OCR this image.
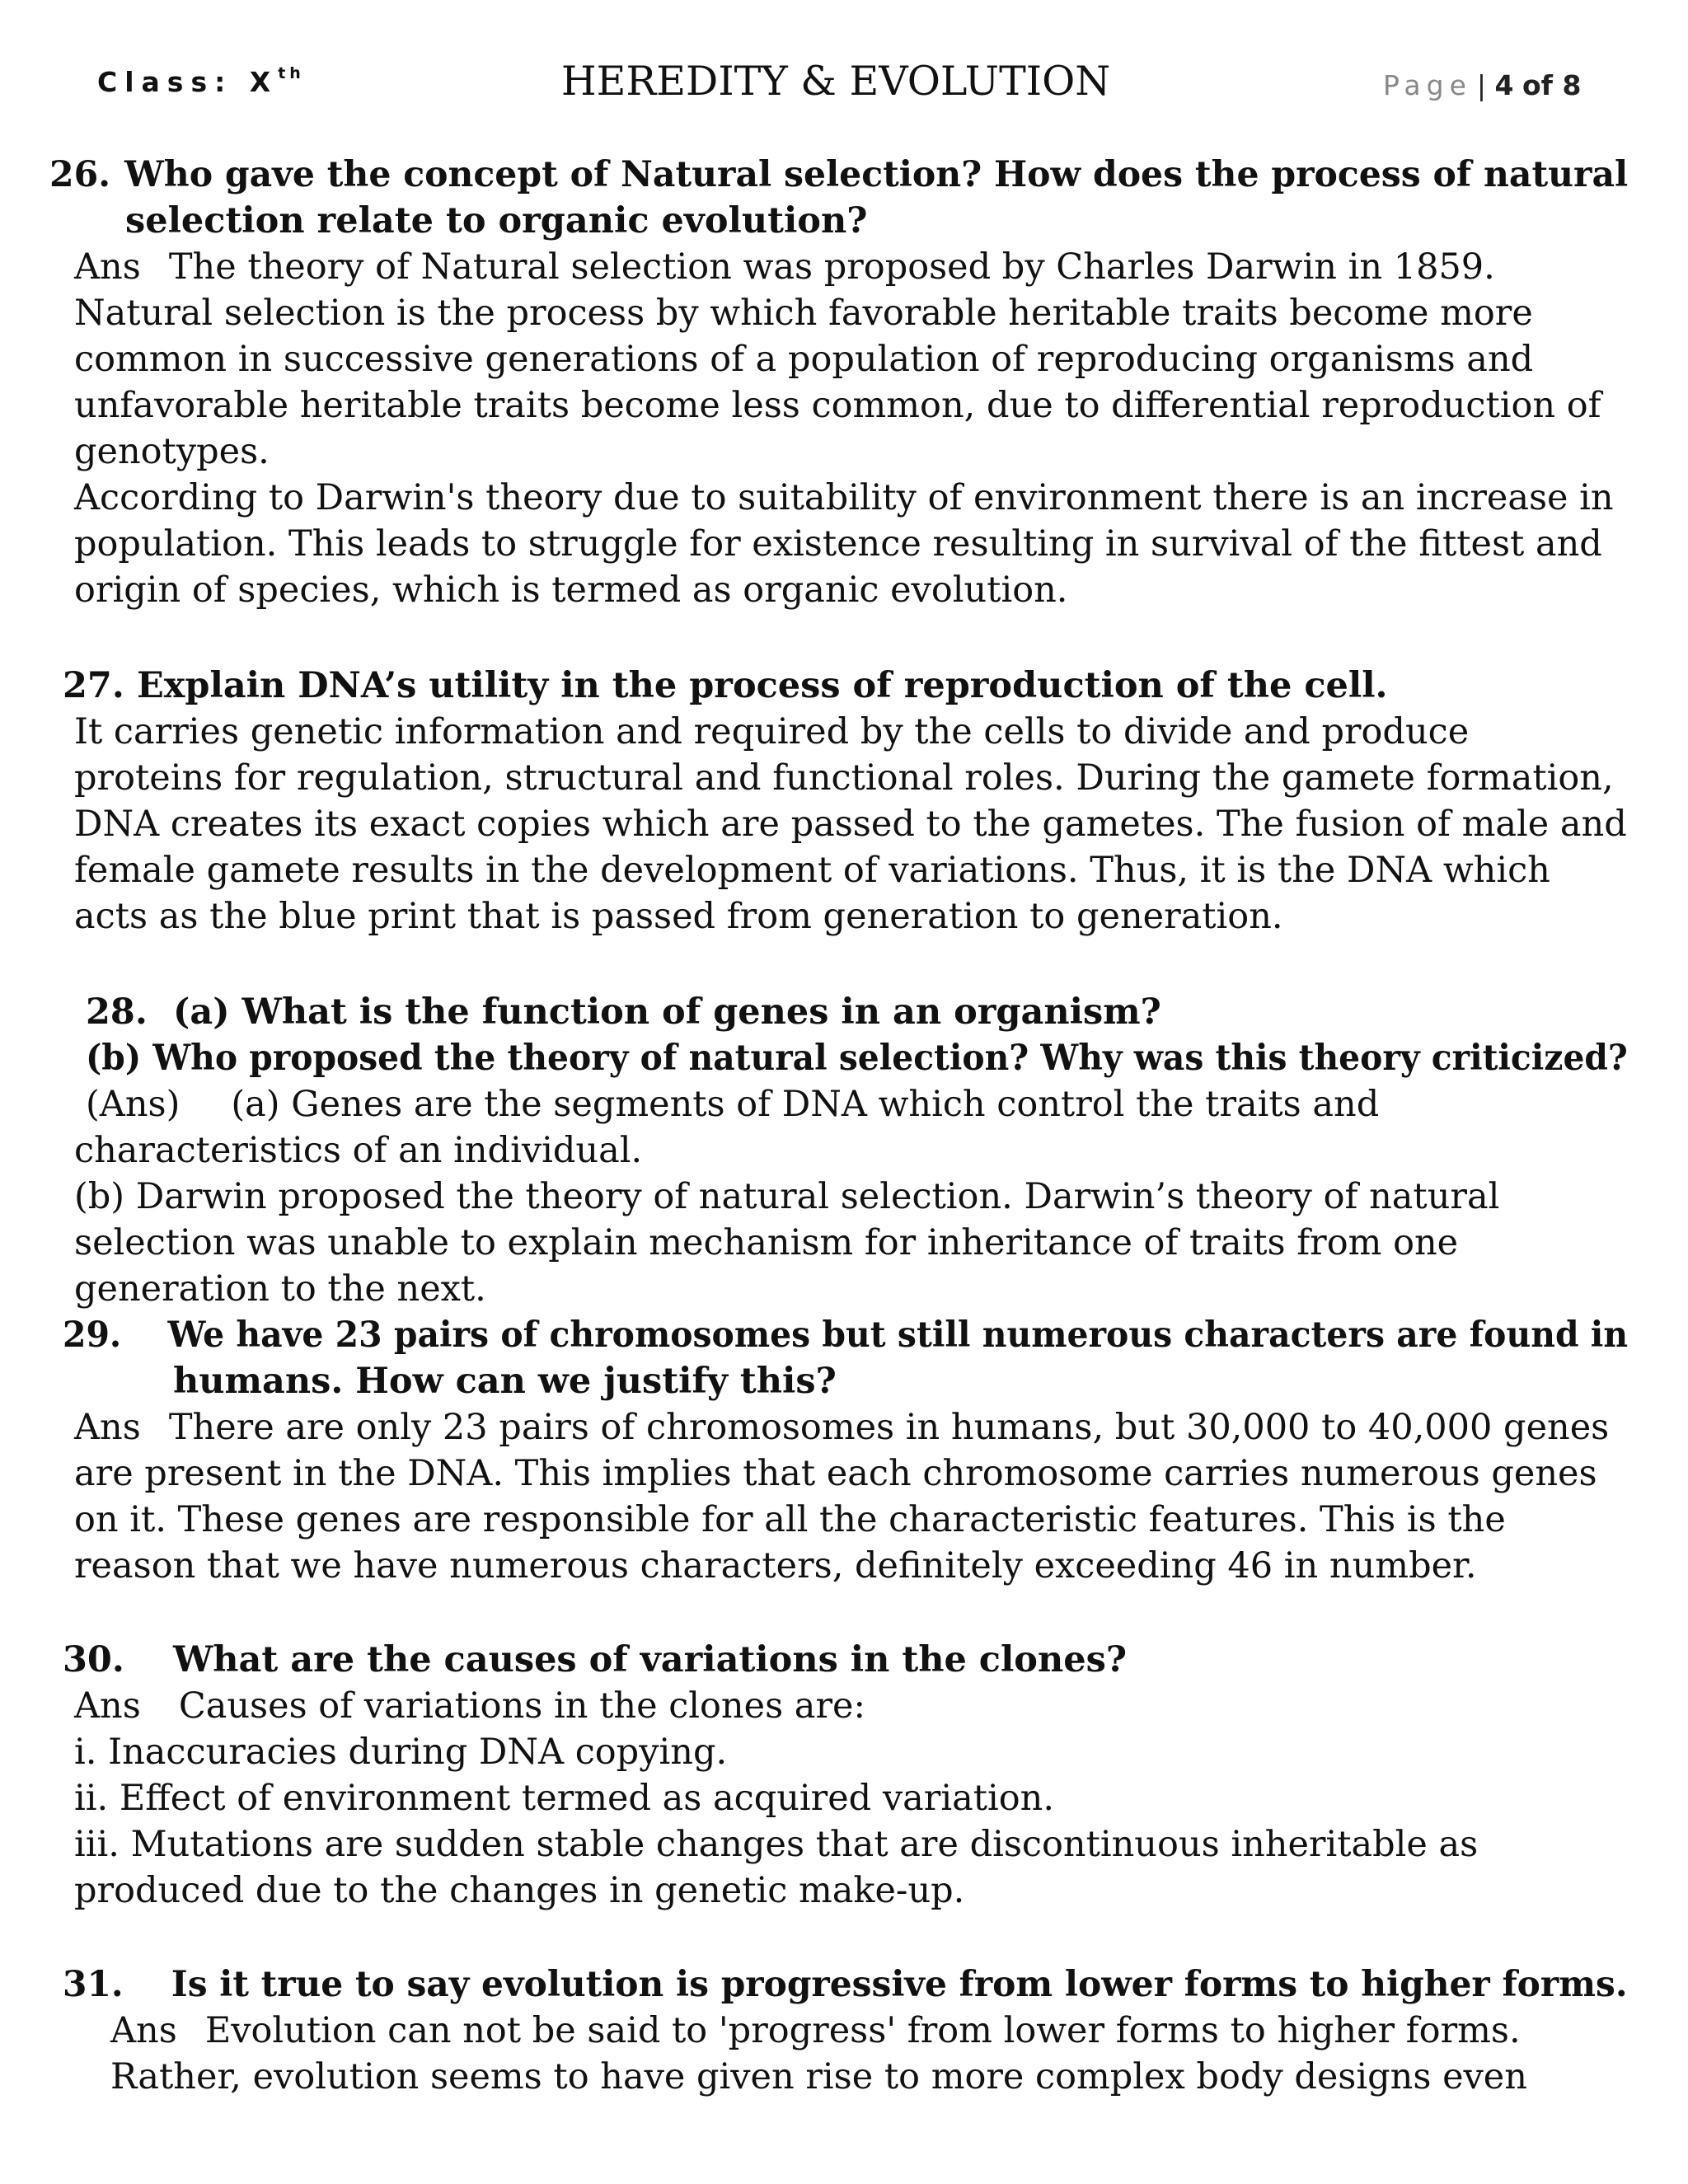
Class: Xth	HEREDITY & EVOLUTION	Page | 4 of 8
26. Who gave the concept of Natural selection? How does the process of natural
selection relate to organic evolution?
Ans The theory of Natural selection was proposed by Charles Darwin in 1859.
Natural selection is the process by which favorable heritable traits become more
common in successive generations of a population of reproducing organisms and
unfavorable heritable traits become less common, due to differential reproduction of
genotypes.
According to Darwin's theory due to suitability of environment there is an increase in
population. This leads to struggle for existence resulting in survival of the fittest and
origin of species, which is termed as organic evolution.
27. Explain DNA’s utility in the process of reproduction of the cell.
It carries genetic information and required by the cells to divide and produce
proteins for regulation, structural and functional roles. During the gamete formation,
DNA creates its exact copies which are passed to the gametes. The fusion of male and
female gamete results in the development of variations. Thus, it is the DNA which
acts as the blue print that is passed from generation to generation.
28. (a) What is the function of genes in an organism?
(b) Who proposed the theory of natural selection? Why was this theory criticized?
(Ans) (a) Genes are the segments of DNA which control the traits and
characteristics of an individual.
(b) Darwin proposed the theory of natural selection. Darwin’s theory of natural
selection was unable to explain mechanism for inheritance of traits from one
generation to the next.
29. We have 23 pairs of chromosomes but still numerous characters are found in
humans. How can we justify this?
Ans There are only 23 pairs of chromosomes in humans, but 30,000 to 40,000 genes
are present in the DNA. This implies that each chromosome carries numerous genes
on it. These genes are responsible for all the characteristic features. This is the
reason that we have numerous characters, definitely exceeding 46 in number.
30. What are the causes of variations in the clones?
Ans Causes of variations in the clones are:
i. Inaccuracies during DNA copying.
ii. Effect of environment termed as acquired variation.
iii. Mutations are sudden stable changes that are discontinuous inheritable as
produced due to the changes in genetic make-up.
31. Is it true to say evolution is progressive from lower forms to higher forms.
Ans Evolution can not be said to 'progress' from lower forms to higher forms.
Rather, evolution seems to have given rise to more complex body designs even
